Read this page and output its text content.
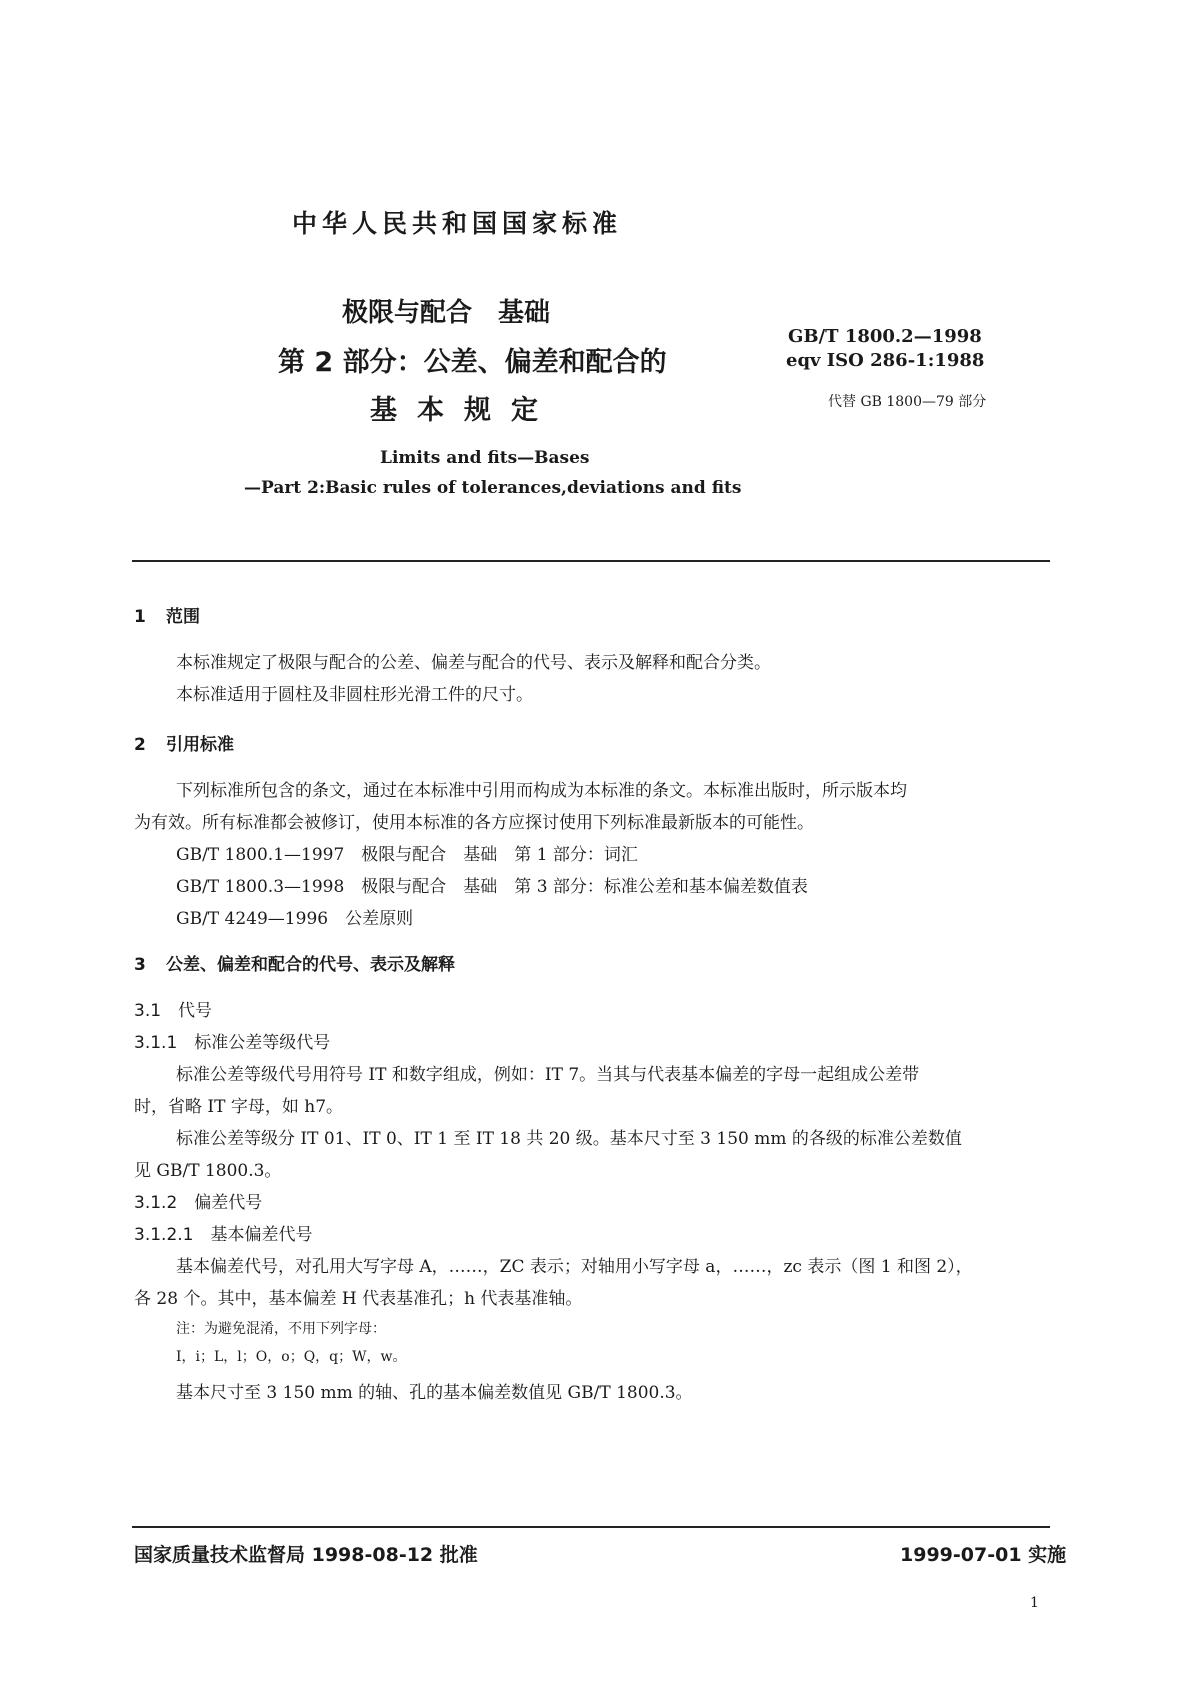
中华人民共和国国家标准
极限与配合　基础
第 2 部分：公差、偏差和配合的
基本规定
GB/T 1800.2—1998
eqv ISO 286-1:1988
代替 GB 1800—79 部分
Limits and fits—Bases
—Part 2:Basic rules of tolerances,deviations and fits
1 范围
本标准规定了极限与配合的公差、偏差与配合的代号、表示及解释和配合分类。
本标准适用于圆柱及非圆柱形光滑工件的尺寸。
2 引用标准
下列标准所包含的条文，通过在本标准中引用而构成为本标准的条文。本标准出版时，所示版本均
为有效。所有标准都会被修订，使用本标准的各方应探讨使用下列标准最新版本的可能性。
GB/T 1800.1—1997　极限与配合　基础　第 1 部分：词汇
GB/T 1800.3—1998　极限与配合　基础　第 3 部分：标准公差和基本偏差数值表
GB/T 4249—1996　公差原则
3 公差、偏差和配合的代号、表示及解释
3.1　代号
3.1.1　标准公差等级代号
标准公差等级代号用符号 IT 和数字组成，例如：IT 7。当其与代表基本偏差的字母一起组成公差带
时，省略 IT 字母，如 h7。
标准公差等级分 IT 01、IT 0、IT 1 至 IT 18 共 20 级。基本尺寸至 3 150 mm 的各级的标准公差数值
见 GB/T 1800.3。
3.1.2　偏差代号
3.1.2.1　基本偏差代号
基本偏差代号，对孔用大写字母 A，……，ZC 表示；对轴用小写字母 a，……，zc 表示（图 1 和图 2），
各 28 个。其中，基本偏差 H 代表基准孔；h 代表基准轴。
注：为避免混淆，不用下列字母：
I，i；L，l；O，o；Q，q；W，w。
基本尺寸至 3 150 mm 的轴、孔的基本偏差数值见 GB/T 1800.3。
国家质量技术监督局 1998-08-12 批准	1999-07-01 实施
1
